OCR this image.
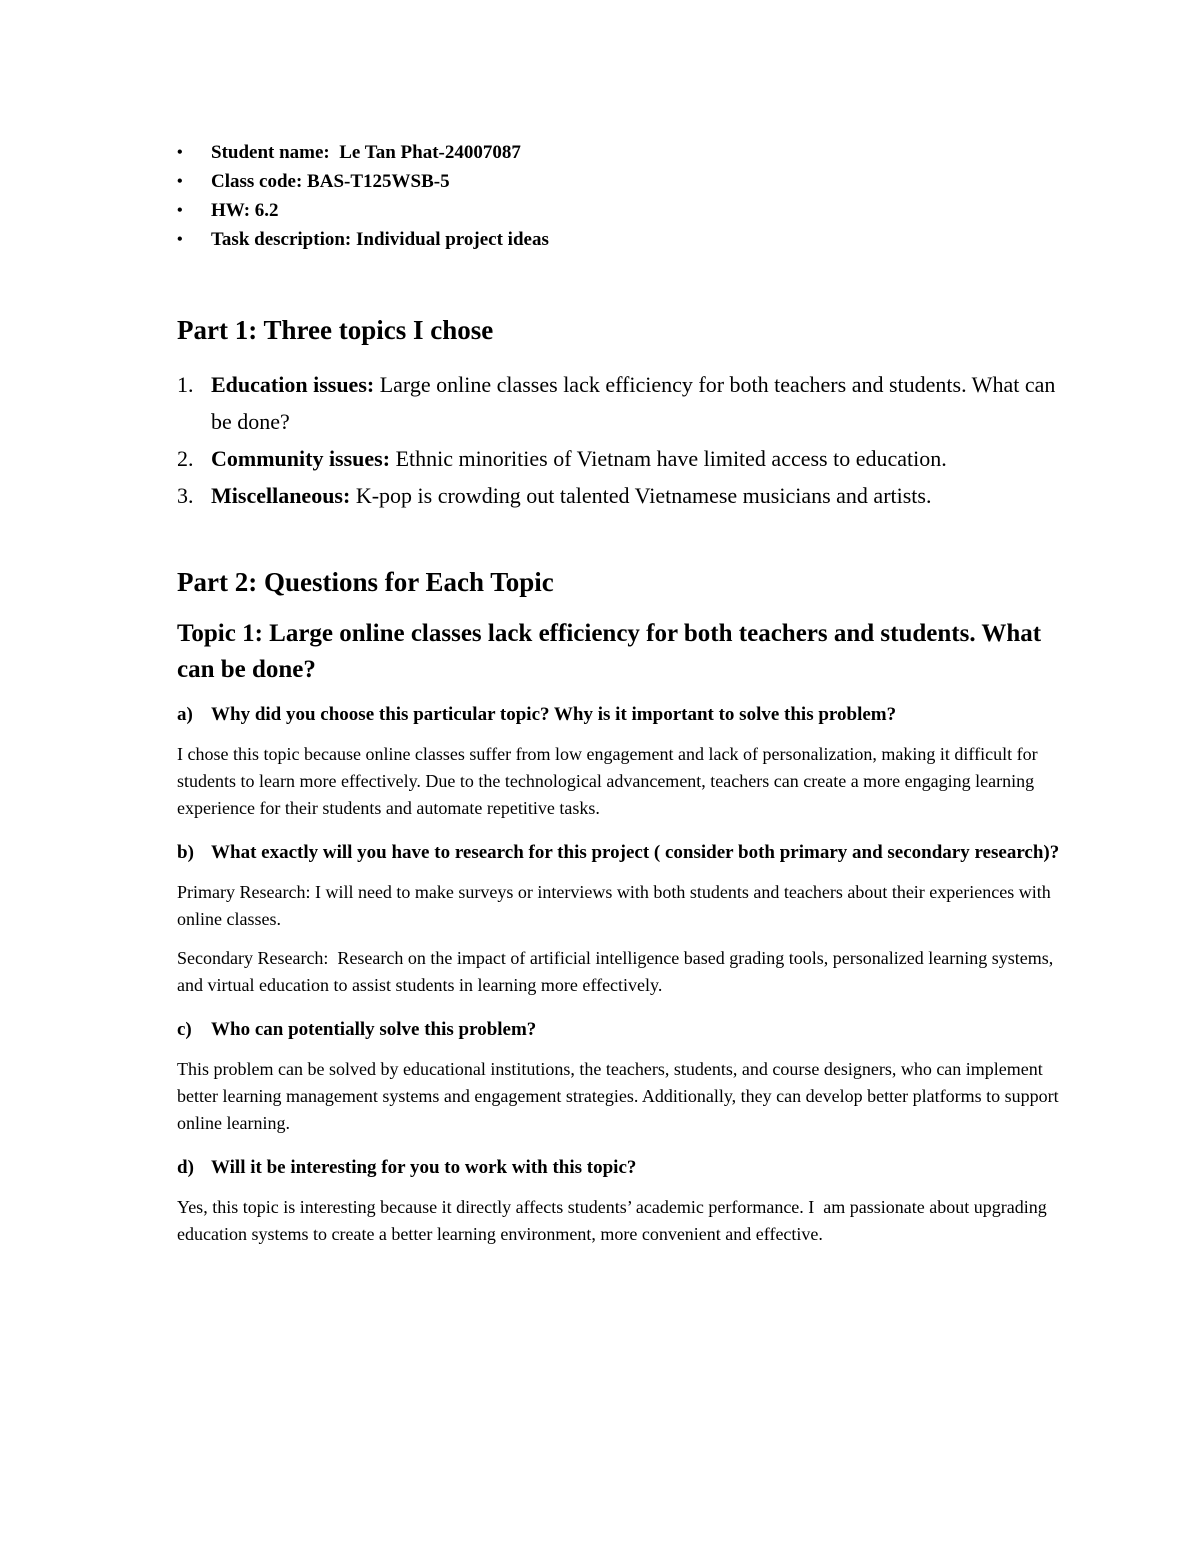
•	Student name:  Le Tan Phat-24007087
•	Class code: BAS-T125WSB-5
•	HW: 6.2
•	Task description: Individual project ideas
Part 1: Three topics I chose
1. Education issues: Large online classes lack efficiency for both teachers and students. What can be done?
2. Community issues: Ethnic minorities of Vietnam have limited access to education.
3. Miscellaneous: K-pop is crowding out talented Vietnamese musicians and artists.
Part 2: Questions for Each Topic
Topic 1: Large online classes lack efficiency for both teachers and students. What can be done?
a) Why did you choose this particular topic? Why is it important to solve this problem?

I chose this topic because online classes suffer from low engagement and lack of personalization, making it difficult for students to learn more effectively. Due to the technological advancement, teachers can create a more engaging learning experience for their students and automate repetitive tasks.

b) What exactly will you have to research for this project ( consider both primary and secondary research)?

Primary Research: I will need to make surveys or interviews with both students and teachers about their experiences with online classes.

Secondary Research:  Research on the impact of artificial intelligence based grading tools, personalized learning systems, and virtual education to assist students in learning more effectively.

c)	Who can potentially solve this problem?

This problem can be solved by educational institutions, the teachers, students, and course designers, who can implement better learning management systems and engagement strategies. Additionally, they can develop better platforms to support online learning.

d) Will it be interesting for you to work with this topic?

Yes, this topic is interesting because it directly affects students’ academic performance. I  am passionate about upgrading education systems to create a better learning environment, more convenient and effective.
